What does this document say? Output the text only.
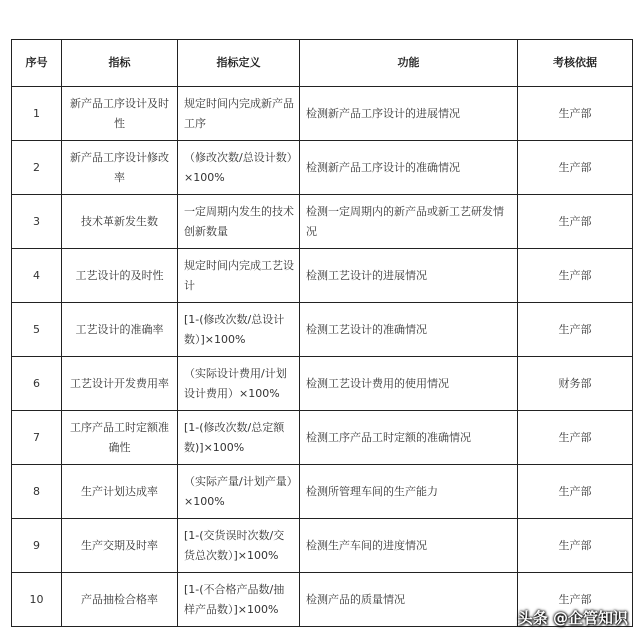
序号	指标	指标定义	功能	考核依据
1	新产品工序设计及时性	规定时间内完成新产品工序	检测新产品工序设计的进展情况	生产部
2	新产品工序设计修改率	（修改次数/总设计数）×100%	检测新产品工序设计的准确情况	生产部
3	技术革新发生数	一定周期内发生的技术创新数量	检测一定周期内的新产品或新工艺研发情况	生产部
4	工艺设计的及时性	规定时间内完成工艺设计	检测工艺设计的进展情况	生产部
5	工艺设计的准确率	[1-(修改次数/总设计数）]×100%	检测工艺设计的准确情况	生产部
6	工艺设计开发费用率	（实际设计费用/计划设计费用）×100%	检测工艺设计费用的使用情况	财务部
7	工序产品工时定额准确性	[1-(修改次数/总定额数)]×100%	检测工序产品工时定额的准确情况	生产部
8	生产计划达成率	（实际产量/计划产量）×100%	检测所管理车间的生产能力	生产部
9	生产交期及时率	[1-(交货误时次数/交货总次数）]×100%	检测生产车间的进度情况	生产部
10	产品抽检合格率	[1-(不合格产品数/抽样产品数）]×100%	检测产品的质量情况	生产部
头条 @企管知识
